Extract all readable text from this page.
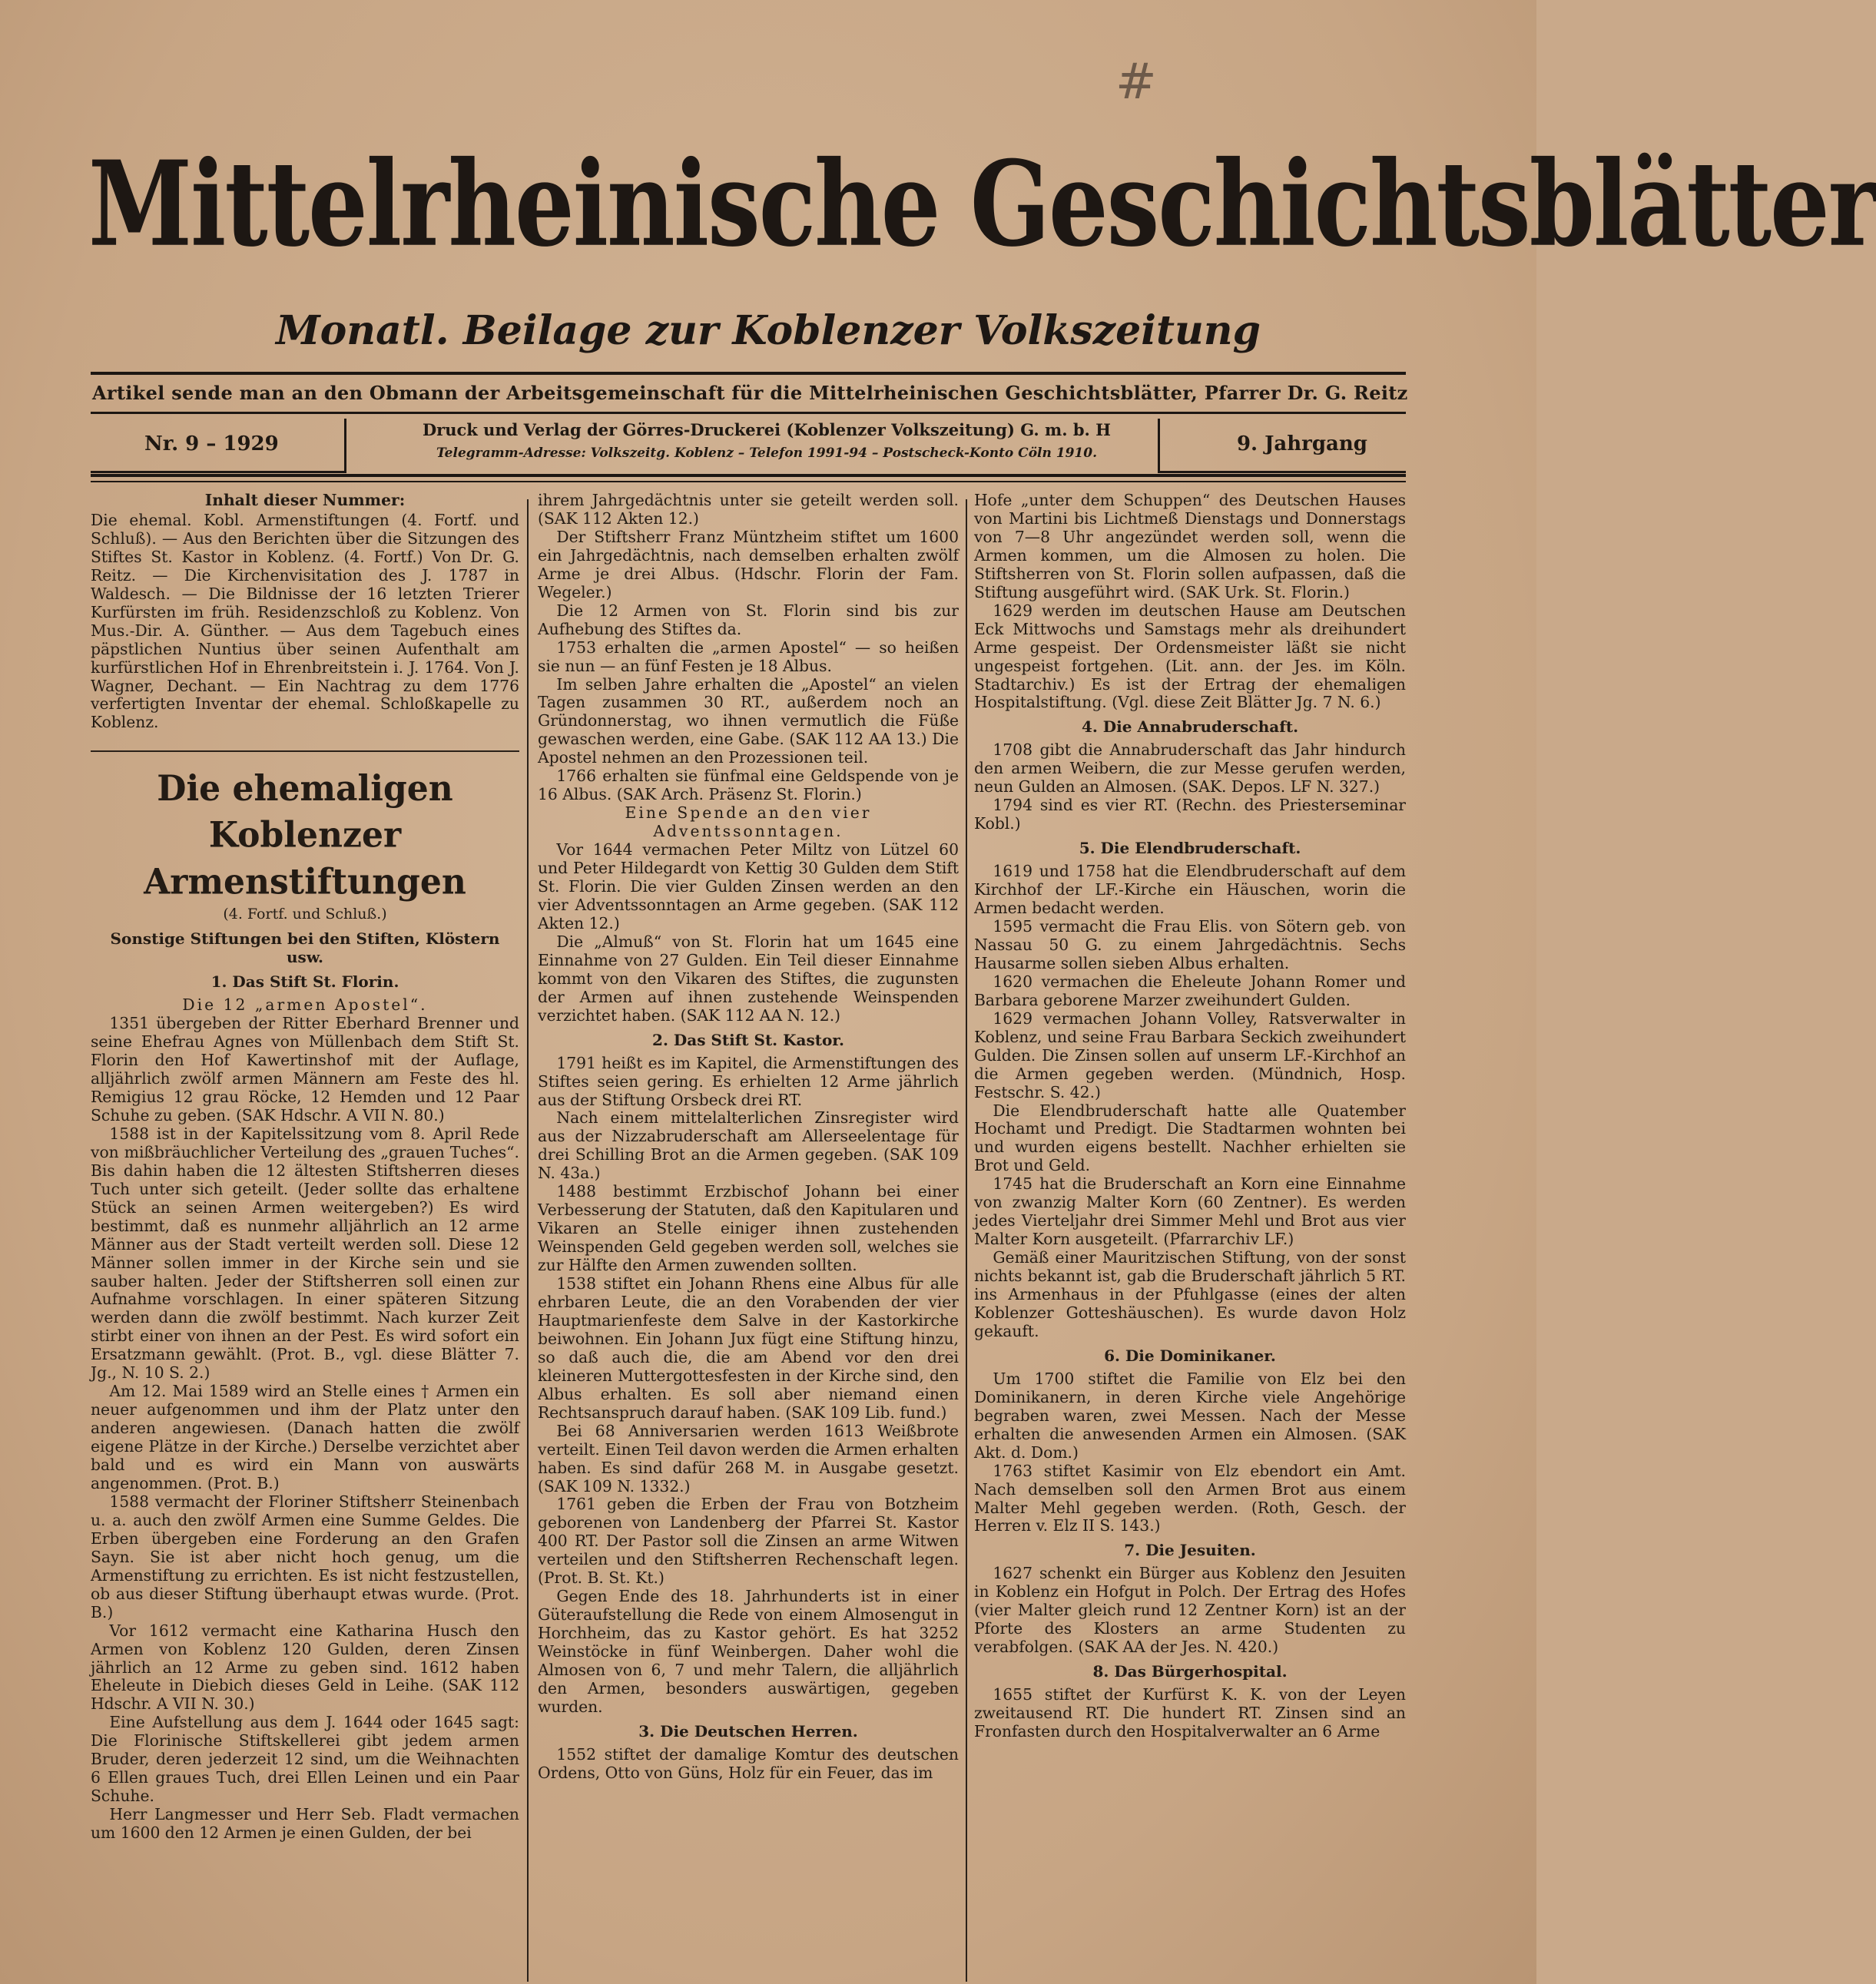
#
Mittelrheinische Geschichtsblätter
Monatl. Beilage zur Koblenzer Volkszeitung
Artikel sende man an den Obmann der Arbeitsgemeinschaft für die Mittelrheinischen Geschichtsblätter, Pfarrer Dr. G. Reitz
Nr. 9 – 1929
Druck und Verlag der Görres-Druckerei (Koblenzer Volkszeitung) G. m. b. H
Telegramm-Adresse: Volkszeitg. Koblenz – Telefon 1991-94 – Postscheck-Konto Cöln 1910.	9. Jahrgang
Inhalt dieser Nummer:
Die ehemal. Kobl. Armenstiftungen (4. Fortf. und Schluß). — Aus den Berichten über die Sitzungen des Stiftes St. Kastor in Koblenz. (4. Fortf.) Von Dr. G. Reitz. — Die Kirchenvisitation des J. 1787 in Waldesch. — Die Bildnisse der 16 letzten Trierer Kurfürsten im früh. Residenzschloß zu Koblenz. Von Mus.-Dir. A. Günther. — Aus dem Tagebuch eines päpstlichen Nuntius über seinen Aufenthalt am kurfürstlichen Hof in Ehrenbreitstein i. J. 1764. Von J. Wagner, Dechant. — Ein Nachtrag zu dem 1776 verfertigten Inventar der ehemal. Schloßkapelle zu Koblenz.
Die ehemaligen Koblenzer
Armenstiftungen
(4. Fortf. und Schluß.)
Sonstige Stiftungen bei den Stiften, Klöstern usw.
1. Das Stift St. Florin.
Die 12 „armen Apostel“.
1351 übergeben der Ritter Eberhard Brenner und seine Ehefrau Agnes von Müllenbach dem Stift St. Florin den Hof Kawertinshof mit der Auflage, alljährlich zwölf armen Männern am Feste des hl. Remigius 12 grau Röcke, 12 Hemden und 12 Paar Schuhe zu geben. (SAK Hdschr. A VII N. 80.)
1588 ist in der Kapitelssitzung vom 8. April Rede von mißbräuchlicher Verteilung des „grauen Tuches“. Bis dahin haben die 12 ältesten Stiftsherren dieses Tuch unter sich geteilt. (Jeder sollte das erhaltene Stück an seinen Armen weitergeben?) Es wird bestimmt, daß es nunmehr alljährlich an 12 arme Männer aus der Stadt verteilt werden soll. Diese 12 Männer sollen immer in der Kirche sein und sie sauber halten. Jeder der Stiftsherren soll einen zur Aufnahme vorschlagen. In einer späteren Sitzung werden dann die zwölf bestimmt. Nach kurzer Zeit stirbt einer von ihnen an der Pest. Es wird sofort ein Ersatzmann gewählt. (Prot. B., vgl. diese Blätter 7. Jg., N. 10 S. 2.)
Am 12. Mai 1589 wird an Stelle eines † Armen ein neuer aufgenommen und ihm der Platz unter den anderen angewiesen. (Danach hatten die zwölf eigene Plätze in der Kirche.) Derselbe verzichtet aber bald und es wird ein Mann von auswärts angenommen. (Prot. B.)
1588 vermacht der Floriner Stiftsherr Steinenbach u. a. auch den zwölf Armen eine Summe Geldes. Die Erben übergeben eine Forderung an den Grafen Sayn. Sie ist aber nicht hoch genug, um die Armenstiftung zu errichten. Es ist nicht festzustellen, ob aus dieser Stiftung überhaupt etwas wurde. (Prot. B.)
Vor 1612 vermacht eine Katharina Husch den Armen von Koblenz 120 Gulden, deren Zinsen jährlich an 12 Arme zu geben sind. 1612 haben Eheleute in Diebich dieses Geld in Leihe. (SAK 112 Hdschr. A VII N. 30.)
Eine Aufstellung aus dem J. 1644 oder 1645 sagt: Die Florinische Stiftskellerei gibt jedem armen Bruder, deren jederzeit 12 sind, um die Weihnachten 6 Ellen graues Tuch, drei Ellen Leinen und ein Paar Schuhe.
Herr Langmesser und Herr Seb. Fladt vermachen um 1600 den 12 Armen je einen Gulden, der bei
ihrem Jahrgedächtnis unter sie geteilt werden soll. (SAK 112 Akten 12.)
Der Stiftsherr Franz Müntzheim stiftet um 1600 ein Jahrgedächtnis, nach demselben erhalten zwölf Arme je drei Albus. (Hdschr. Florin der Fam. Wegeler.)
Die 12 Armen von St. Florin sind bis zur Aufhebung des Stiftes da.
1753 erhalten die „armen Apostel“ — so heißen sie nun — an fünf Festen je 18 Albus.
Im selben Jahre erhalten die „Apostel“ an vielen Tagen zusammen 30 RT., außerdem noch an Gründonnerstag, wo ihnen vermutlich die Füße gewaschen werden, eine Gabe. (SAK 112 AA 13.) Die Apostel nehmen an den Prozessionen teil.
1766 erhalten sie fünfmal eine Geldspende von je 16 Albus. (SAK Arch. Präsenz St. Florin.)
Eine Spende an den vier Adventssonntagen.
Vor 1644 vermachen Peter Miltz von Lützel 60 und Peter Hildegardt von Kettig 30 Gulden dem Stift St. Florin. Die vier Gulden Zinsen werden an den vier Adventssonntagen an Arme gegeben. (SAK 112 Akten 12.)
Die „Almuß“ von St. Florin hat um 1645 eine Einnahme von 27 Gulden. Ein Teil dieser Einnahme kommt von den Vikaren des Stiftes, die zugunsten der Armen auf ihnen zustehende Weinspenden verzichtet haben. (SAK 112 AA N. 12.)
2. Das Stift St. Kastor.
1791 heißt es im Kapitel, die Armenstiftungen des Stiftes seien gering. Es erhielten 12 Arme jährlich aus der Stiftung Orsbeck drei RT.
Nach einem mittelalterlichen Zinsregister wird aus der Nizzabruderschaft am Allerseelentage für drei Schilling Brot an die Armen gegeben. (SAK 109 N. 43a.)
1488 bestimmt Erzbischof Johann bei einer Verbesserung der Statuten, daß den Kapitularen und Vikaren an Stelle einiger ihnen zustehenden Weinspenden Geld gegeben werden soll, welches sie zur Hälfte den Armen zuwenden sollten.
1538 stiftet ein Johann Rhens eine Albus für alle ehrbaren Leute, die an den Vorabenden der vier Hauptmarienfeste dem Salve in der Kastorkirche beiwohnen. Ein Johann Jux fügt eine Stiftung hinzu, so daß auch die, die am Abend vor den drei kleineren Muttergottesfesten in der Kirche sind, den Albus erhalten. Es soll aber niemand einen Rechtsanspruch darauf haben. (SAK 109 Lib. fund.)
Bei 68 Anniversarien werden 1613 Weißbrote verteilt. Einen Teil davon werden die Armen erhalten haben. Es sind dafür 268 M. in Ausgabe gesetzt. (SAK 109 N. 1332.)
1761 geben die Erben der Frau von Botzheim geborenen von Landenberg der Pfarrei St. Kastor 400 RT. Der Pastor soll die Zinsen an arme Witwen verteilen und den Stiftsherren Rechenschaft legen. (Prot. B. St. Kt.)
Gegen Ende des 18. Jahrhunderts ist in einer Güteraufstellung die Rede von einem Almosengut in Horchheim, das zu Kastor gehört. Es hat 3252 Weinstöcke in fünf Weinbergen. Daher wohl die Almosen von 6, 7 und mehr Talern, die alljährlich den Armen, besonders auswärtigen, gegeben wurden.
3. Die Deutschen Herren.
1552 stiftet der damalige Komtur des deutschen Ordens, Otto von Güns, Holz für ein Feuer, das im
Hofe „unter dem Schuppen“ des Deutschen Hauses von Martini bis Lichtmeß Dienstags und Donnerstags von 7—8 Uhr angezündet werden soll, wenn die Armen kommen, um die Almosen zu holen. Die Stiftsherren von St. Florin sollen aufpassen, daß die Stiftung ausgeführt wird. (SAK Urk. St. Florin.)
1629 werden im deutschen Hause am Deutschen Eck Mittwochs und Samstags mehr als dreihundert Arme gespeist. Der Ordensmeister läßt sie nicht ungespeist fortgehen. (Lit. ann. der Jes. im Köln. Stadtarchiv.) Es ist der Ertrag der ehemaligen Hospitalstiftung. (Vgl. diese Zeit Blätter Jg. 7 N. 6.)
4. Die Annabruderschaft.
1708 gibt die Annabruderschaft das Jahr hindurch den armen Weibern, die zur Messe gerufen werden, neun Gulden an Almosen. (SAK. Depos. LF N. 327.)
1794 sind es vier RT. (Rechn. des Priesterseminar Kobl.)
5. Die Elendbruderschaft.
1619 und 1758 hat die Elendbruderschaft auf dem Kirchhof der LF.-Kirche ein Häuschen, worin die Armen bedacht werden.
1595 vermacht die Frau Elis. von Sötern geb. von Nassau 50 G. zu einem Jahrgedächtnis. Sechs Hausarme sollen sieben Albus erhalten.
1620 vermachen die Eheleute Johann Romer und Barbara geborene Marzer zweihundert Gulden.
1629 vermachen Johann Volley, Ratsverwalter in Koblenz, und seine Frau Barbara Seckich zweihundert Gulden. Die Zinsen sollen auf unserm LF.-Kirchhof an die Armen gegeben werden. (Mündnich, Hosp. Festschr. S. 42.)
Die Elendbruderschaft hatte alle Quatember Hochamt und Predigt. Die Stadtarmen wohnten bei und wurden eigens bestellt. Nachher erhielten sie Brot und Geld.
1745 hat die Bruderschaft an Korn eine Einnahme von zwanzig Malter Korn (60 Zentner). Es werden jedes Vierteljahr drei Simmer Mehl und Brot aus vier Malter Korn ausgeteilt. (Pfarrarchiv LF.)
Gemäß einer Mauritzischen Stiftung, von der sonst nichts bekannt ist, gab die Bruderschaft jährlich 5 RT. ins Armenhaus in der Pfuhlgasse (eines der alten Koblenzer Gotteshäuschen). Es wurde davon Holz gekauft.
6. Die Dominikaner.
Um 1700 stiftet die Familie von Elz bei den Dominikanern, in deren Kirche viele Angehörige begraben waren, zwei Messen. Nach der Messe erhalten die anwesenden Armen ein Almosen. (SAK Akt. d. Dom.)
1763 stiftet Kasimir von Elz ebendort ein Amt. Nach demselben soll den Armen Brot aus einem Malter Mehl gegeben werden. (Roth, Gesch. der Herren v. Elz II S. 143.)
7. Die Jesuiten.
1627 schenkt ein Bürger aus Koblenz den Jesuiten in Koblenz ein Hofgut in Polch. Der Ertrag des Hofes (vier Malter gleich rund 12 Zentner Korn) ist an der Pforte des Klosters an arme Studenten zu verabfolgen. (SAK AA der Jes. N. 420.)
8. Das Bürgerhospital.
1655 stiftet der Kurfürst K. K. von der Leyen zweitausend RT. Die hundert RT. Zinsen sind an Fronfasten durch den Hospitalverwalter an 6 Arme
